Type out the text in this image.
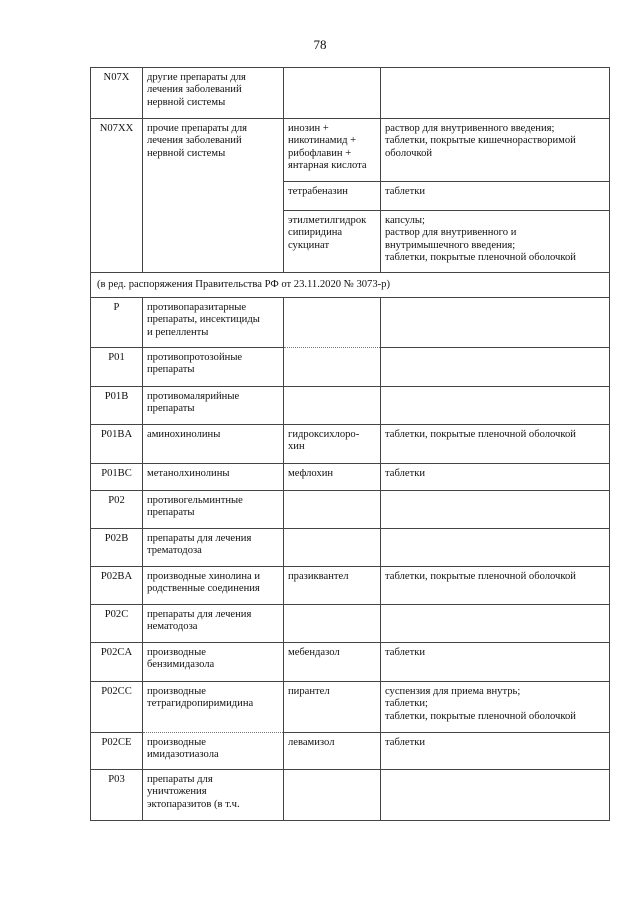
78
N07X	другие препараты для
лечения заболеваний
нервной системы		

N07XX	прочие препараты для
лечения заболеваний
нервной системы	инозин +
никотинамид +
рибофлавин +
янтарная кислота	раствор для внутривенного введения;
таблетки, покрытые кишечнорастворимой
оболочкой

		тетрабеназин	таблетки

		этилметилгидрок
сипиридина
сукцинат	капсулы;
раствор для внутривенного и
внутримышечного введения;
таблетки, покрытые пленочной оболочкой

(в ред. распоряжения Правительства РФ от 23.11.2020 № 3073-р)			
P	противопаразитарные
препараты, инсектициды
и репелленты		

P01	противопротозойные
препараты		

P01B	противомалярийные
препараты		

P01BA	аминохинолины	гидроксихлоро-
хин	таблетки, покрытые пленочной оболочкой

P01BC	метанолхинолины	мефлохин	таблетки

P02	противогельминтные
препараты		

P02B	препараты для лечения
трематодоза		

P02BA	производные хинолина и
родственные соединения	празиквантел	таблетки, покрытые пленочной оболочкой

P02C	препараты для лечения
нематодоза		

P02CA	производные
бензимидазола	мебендазол	таблетки

P02CC	производные
тетрагидропиримидина	пирантел	суспензия для приема внутрь;
таблетки;
таблетки, покрытые пленочной оболочкой

P02CE	производные
имидазотиазола	левамизол	таблетки

P03	препараты для
уничтожения
эктопаразитов (в т.ч.		
